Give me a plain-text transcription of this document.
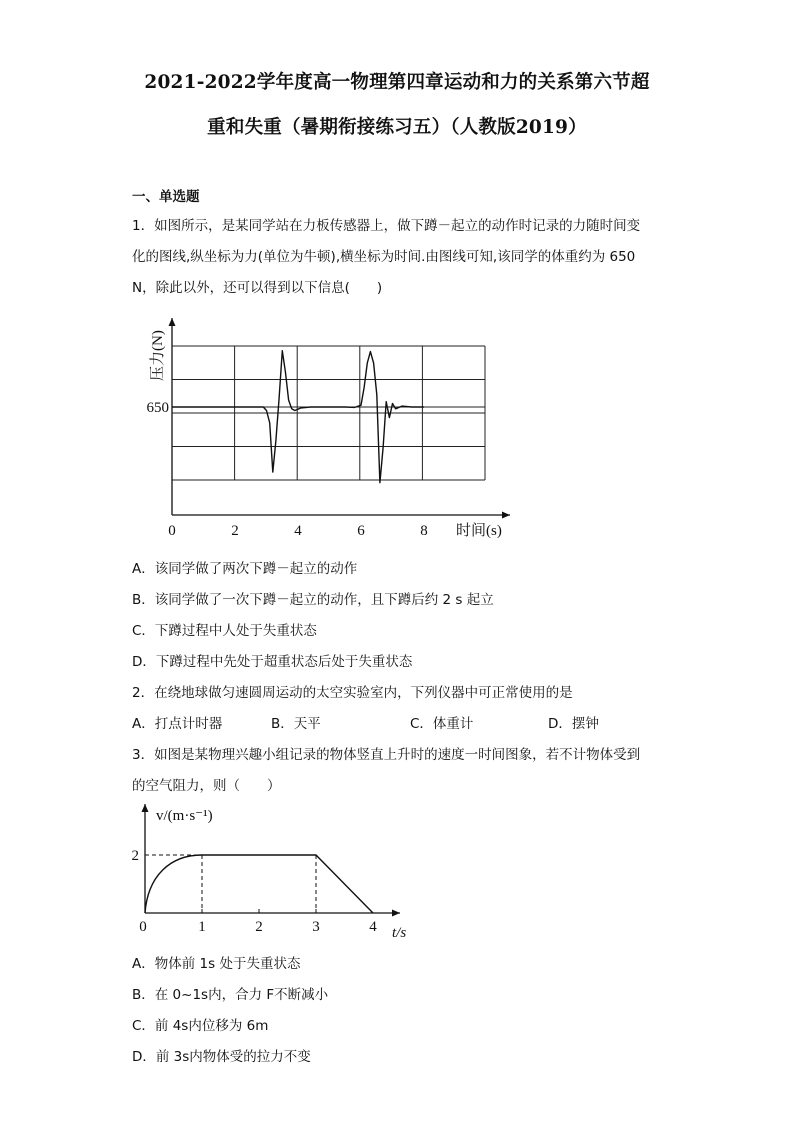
2021-2022学年度高一物理第四章运动和力的关系第六节超
重和失重（暑期衔接练习五）（人教版2019）
一、单选题
1．如图所示，是某同学站在力板传感器上，做下蹲－起立的动作时记录的力随时间变
化的图线,纵坐标为力(单位为牛顿),横坐标为时间.由图线可知,该同学的体重约为 650
N，除此以外，还可以得到以下信息(　　)
0	2	4	6	8
650
时间(s)
压力(N)
A．该同学做了两次下蹲－起立的动作
B．该同学做了一次下蹲－起立的动作，且下蹲后约 2 s 起立
C．下蹲过程中人处于失重状态
D．下蹲过程中先处于超重状态后处于失重状态
2．在绕地球做匀速圆周运动的太空实验室内，下列仪器中可正常使用的是
A．打点计时器	B．天平	C．体重计	D．摆钟
3．如图是某物理兴趣小组记录的物体竖直上升时的速度一时间图象，若不计物体受到
的空气阻力，则（　　）
0	1	2	3	4
2
t/s
v/(m·s⁻¹)
A．物体前 1s 处于失重状态
B．在 0~1s内，合力 F不断减小
C．前 4s内位移为 6m
D．前 3s内物体受的拉力不变
